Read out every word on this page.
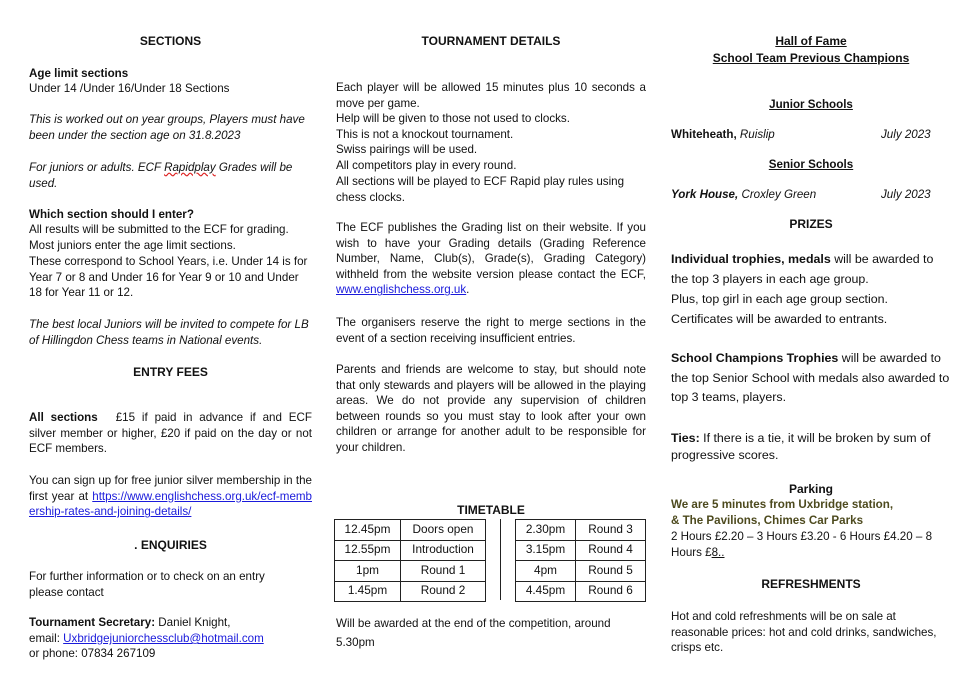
SECTIONS
Age limit sections
Under 14 /Under 16/Under 18 Sections
This is worked out on year groups, Players must have been under the section age on 31.8.2023
For juniors or adults. ECF Rapidplay Grades will be used.
Which section should I enter?
All results will be submitted to the ECF for grading.
Most juniors enter the age limit sections.
These correspond to School Years, i.e. Under 14 is for Year 7 or 8 and Under 16 for Year 9 or 10 and Under 18 for Year 11 or 12.
The best local Juniors will be invited to compete for LB of Hillingdon Chess teams in National events.
ENTRY FEES
All sections £15 if paid in advance if and ECF silver member or higher, £20 if paid on the day or not ECF members.
You can sign up for free junior silver membership in the first year at https://www.englishchess.org.uk/ecf-membership-rates-and-joining-details/
. ENQUIRIES
For further information or to check on an entry please contact
Tournament Secretary: Daniel Knight,
email: Uxbridgejuniorchessclub@hotmail.com
or phone: 07834 267109
TOURNAMENT DETAILS
Each player will be allowed 15 minutes plus 10 seconds a move per game.
Help will be given to those not used to clocks.
This is not a knockout tournament.
Swiss pairings will be used.
All competitors play in every round.
All sections will be played to ECF Rapid play rules using chess clocks.
The ECF publishes the Grading list on their website. If you wish to have your Grading details (Grading Reference Number, Name, Club(s), Grade(s), Grading Category) withheld from the website version please contact the ECF, www.englishchess.org.uk.
The organisers reserve the right to merge sections in the event of a section receiving insufficient entries.
Parents and friends are welcome to stay, but should note that only stewards and players will be allowed in the playing areas. We do not provide any supervision of children between rounds so you must stay to look after your own children or arrange for another adult to be responsible for your children.
TIMETABLE
12.45pm	Doors open
12.55pm	Introduction
1pm	Round 1
1.45pm	Round 2
2.30pm	Round 3
3.15pm	Round 4
4pm	Round 5
4.45pm	Round 6
Will be awarded at the end of the competition, around 5.30pm
Hall of Fame
School Team Previous Champions
Junior Schools
Whiteheath, Ruislip	July 2023
Senior Schools
York House, Croxley Green	July 2023
PRIZES
Individual trophies, medals will be awarded to the top 3 players in each age group.
Plus, top girl in each age group section.
Certificates will be awarded to entrants.
School Champions Trophies will be awarded to the top Senior School with medals also awarded to top 3 teams, players.
Ties: If there is a tie, it will be broken by sum of progressive scores.
Parking
We are 5 minutes from Uxbridge station,
& The Pavilions, Chimes Car Parks
2 Hours £2.20 – 3 Hours £3.20 - 6 Hours £4.20 – 8 Hours £8..
REFRESHMENTS
Hot and cold refreshments will be on sale at reasonable prices: hot and cold drinks, sandwiches, crisps etc.
